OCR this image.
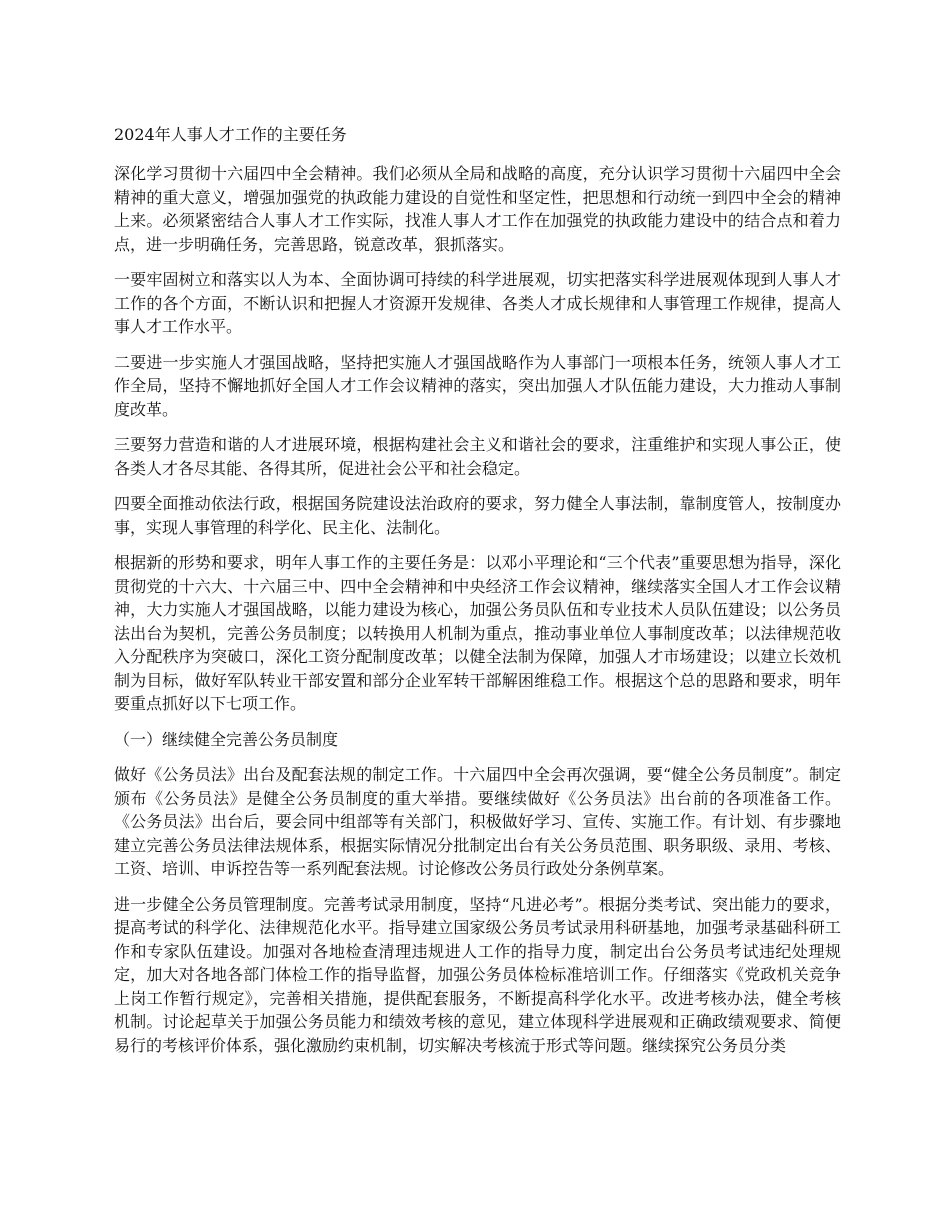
2024年人事人才工作的主要任务

深化学习贯彻十六届四中全会精神。我们必须从全局和战略的高度，充分认识学习贯彻十六届四中全会精神的重大意义，增强加强党的执政能力建设的自觉性和坚定性，把思想和行动统一到四中全会的精神上来。必须紧密结合人事人才工作实际，找准人事人才工作在加强党的执政能力建设中的结合点和着力点，进一步明确任务，完善思路，锐意改革，狠抓落实。

一要牢固树立和落实以人为本、全面协调可持续的科学进展观，切实把落实科学进展观体现到人事人才工作的各个方面，不断认识和把握人才资源开发规律、各类人才成长规律和人事管理工作规律，提高人事人才工作水平。

二要进一步实施人才强国战略，坚持把实施人才强国战略作为人事部门一项根本任务，统领人事人才工作全局，坚持不懈地抓好全国人才工作会议精神的落实，突出加强人才队伍能力建设，大力推动人事制度改革。

三要努力营造和谐的人才进展环境，根据构建社会主义和谐社会的要求，注重维护和实现人事公正，使各类人才各尽其能、各得其所，促进社会公平和社会稳定。

四要全面推动依法行政，根据国务院建设法治政府的要求，努力健全人事法制，靠制度管人，按制度办事，实现人事管理的科学化、民主化、法制化。

根据新的形势和要求，明年人事工作的主要任务是：以邓小平理论和“三个代表”重要思想为指导，深化贯彻党的十六大、十六届三中、四中全会精神和中央经济工作会议精神，继续落实全国人才工作会议精神，大力实施人才强国战略，以能力建设为核心，加强公务员队伍和专业技术人员队伍建设；以公务员法出台为契机，完善公务员制度；以转换用人机制为重点，推动事业单位人事制度改革；以法律规范收入分配秩序为突破口，深化工资分配制度改革；以健全法制为保障，加强人才市场建设；以建立长效机制为目标，做好军队转业干部安置和部分企业军转干部解困维稳工作。根据这个总的思路和要求，明年要重点抓好以下七项工作。

（一）继续健全完善公务员制度

做好《公务员法》出台及配套法规的制定工作。十六届四中全会再次强调，要“健全公务员制度”。制定颁布《公务员法》是健全公务员制度的重大举措。要继续做好《公务员法》出台前的各项准备工作。《公务员法》出台后，要会同中组部等有关部门，积极做好学习、宣传、实施工作。有计划、有步骤地建立完善公务员法律法规体系，根据实际情况分批制定出台有关公务员范围、职务职级、录用、考核、工资、培训、申诉控告等一系列配套法规。讨论修改公务员行政处分条例草案。

进一步健全公务员管理制度。完善考试录用制度，坚持“凡进必考”。根据分类考试、突出能力的要求，提高考试的科学化、法律规范化水平。指导建立国家级公务员考试录用科研基地，加强考录基础科研工作和专家队伍建设。加强对各地检查清理违规进人工作的指导力度，制定出台公务员考试违纪处理规定，加大对各地各部门体检工作的指导监督，加强公务员体检标准培训工作。仔细落实《党政机关竞争上岗工作暂行规定》，完善相关措施，提供配套服务，不断提高科学化水平。改进考核办法，健全考核机制。讨论起草关于加强公务员能力和绩效考核的意见，建立体现科学进展观和正确政绩观要求、简便易行的考核评价体系，强化激励约束机制，切实解决考核流于形式等问题。继续探究公务员分类
